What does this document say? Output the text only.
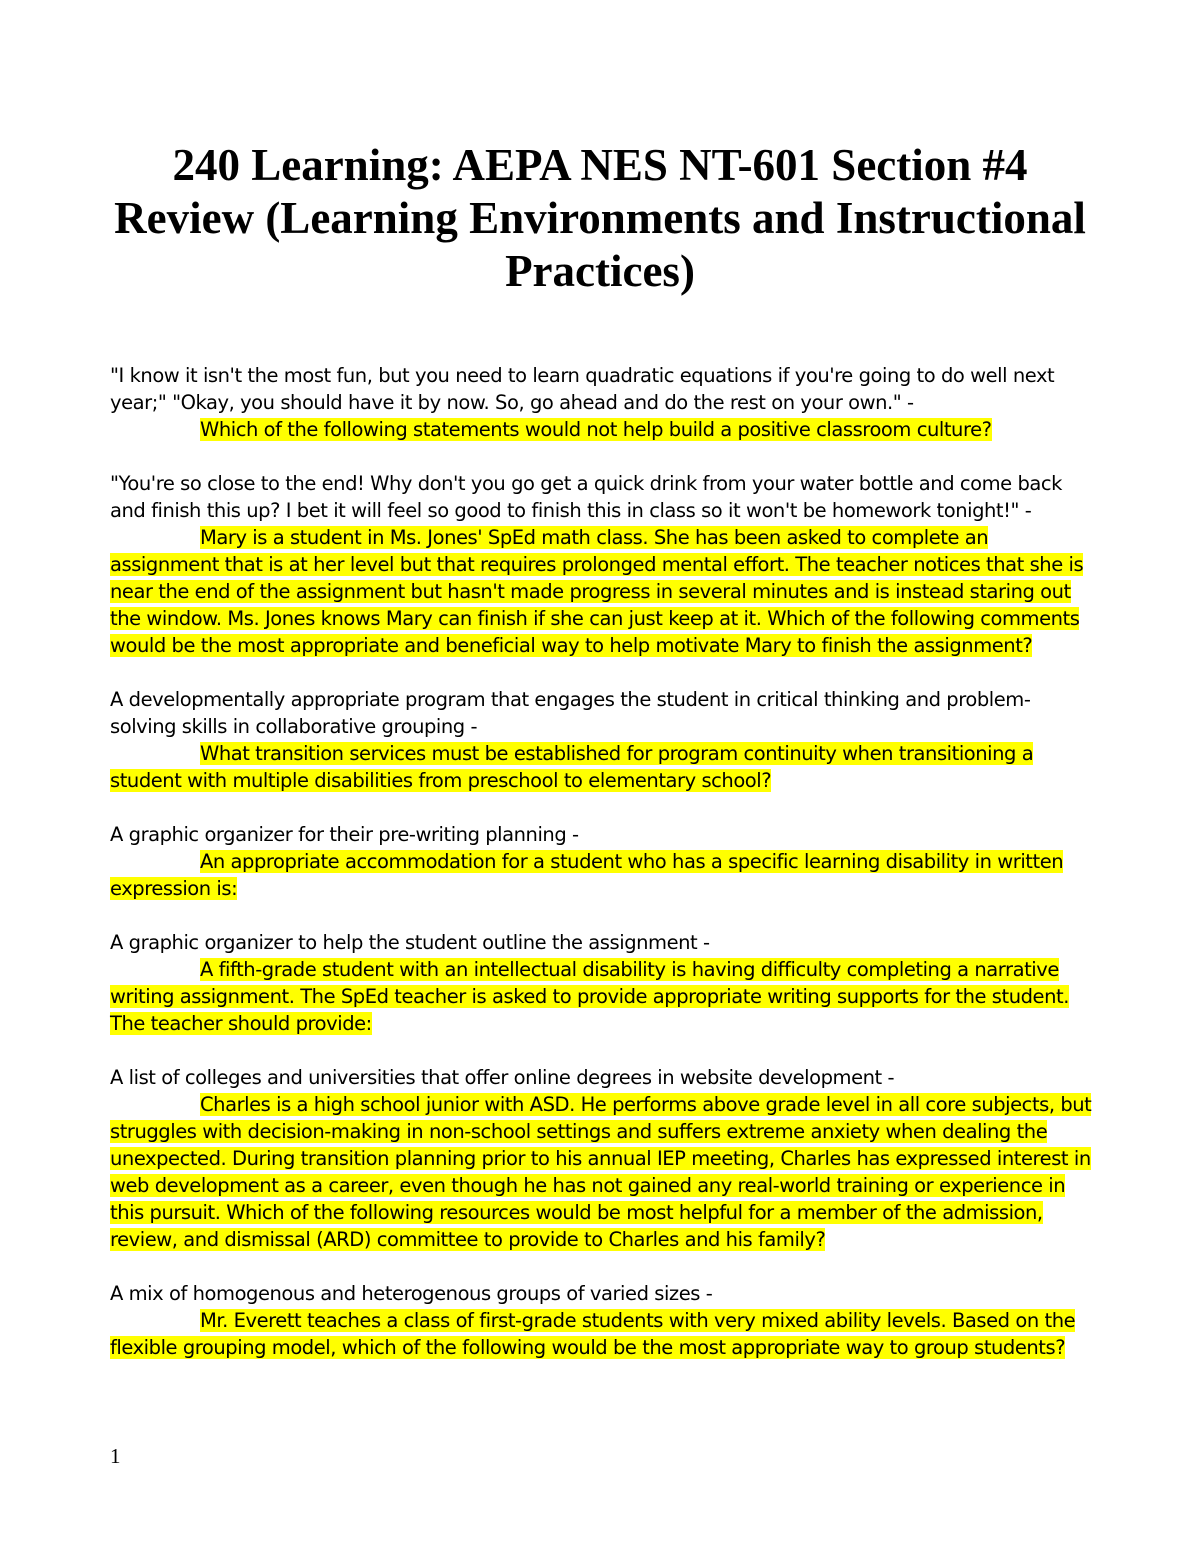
240 Learning: AEPA NES NT-601 Section #4 Review (Learning Environments and Instructional Practices)

"I know it isn't the most fun, but you need to learn quadratic equations if you're going to do well next year;" "Okay, you should have it by now. So, go ahead and do the rest on your own." -

Which of the following statements would not help build a positive classroom culture?

"You're so close to the end! Why don't you go get a quick drink from your water bottle and come back and finish this up? I bet it will feel so good to finish this in class so it won't be homework tonight!" -

Mary is a student in Ms. Jones' SpEd math class. She has been asked to complete an assignment that is at her level but that requires prolonged mental effort. The teacher notices that she is near the end of the assignment but hasn't made progress in several minutes and is instead staring out the window. Ms. Jones knows Mary can finish if she can just keep at it. Which of the following comments would be the most appropriate and beneficial way to help motivate Mary to finish the assignment?

A developmentally appropriate program that engages the student in critical thinking and problem-solving skills in collaborative grouping -

What transition services must be established for program continuity when transitioning a student with multiple disabilities from preschool to elementary school?

A graphic organizer for their pre-writing planning -

An appropriate accommodation for a student who has a specific learning disability in written expression is:

A graphic organizer to help the student outline the assignment -

A fifth-grade student with an intellectual disability is having difficulty completing a narrative writing assignment. The SpEd teacher is asked to provide appropriate writing supports for the student. The teacher should provide:

A list of colleges and universities that offer online degrees in website development -

Charles is a high school junior with ASD. He performs above grade level in all core subjects, but struggles with decision-making in non-school settings and suffers extreme anxiety when dealing the unexpected. During transition planning prior to his annual IEP meeting, Charles has expressed interest in web development as a career, even though he has not gained any real-world training or experience in this pursuit. Which of the following resources would be most helpful for a member of the admission, review, and dismissal (ARD) committee to provide to Charles and his family?

A mix of homogenous and heterogenous groups of varied sizes -

Mr. Everett teaches a class of first-grade students with very mixed ability levels. Based on the flexible grouping model, which of the following would be the most appropriate way to group students?

1
